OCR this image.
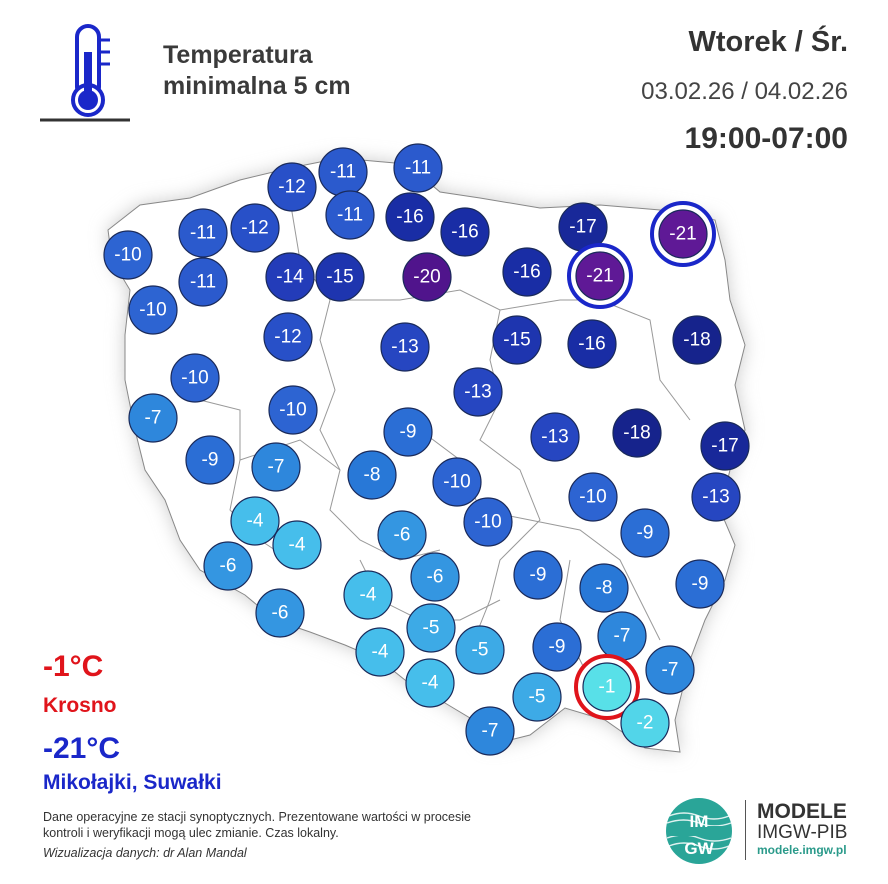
Temperatura
minimalna 5 cm
Wtorek / Śr.
03.02.26 / 04.02.26
19:00-07:00
-11	-11
-12
-11
-12
-11
-16
-16	-17	-21
-10
-11	-14 -15	-20	-16 -21
-10
-12	-13	-15	-16	-18
-10
-13
-7	-10
-9	-13	-18
-17
-9	-7	-8	-10
-10	-13
-4	-10
-4	-6	-9
-6
-6	-9
-8	-9
-4
-6
-5	-7
-4	-5	-9
-7
-4
-5	-1
-2
-7
-1°C
Krosno
-21°C
Mikołajki, Suwałki
Dane operacyjne ze stacji synoptycznych. Prezentowane wartości w procesie kontroli i weryfikacji mogą ulec zmianie. Czas lokalny.
Wizualizacja danych: dr Alan Mandal
IM
GW
MODELE
IMGW-PIB
modele.imgw.pl
